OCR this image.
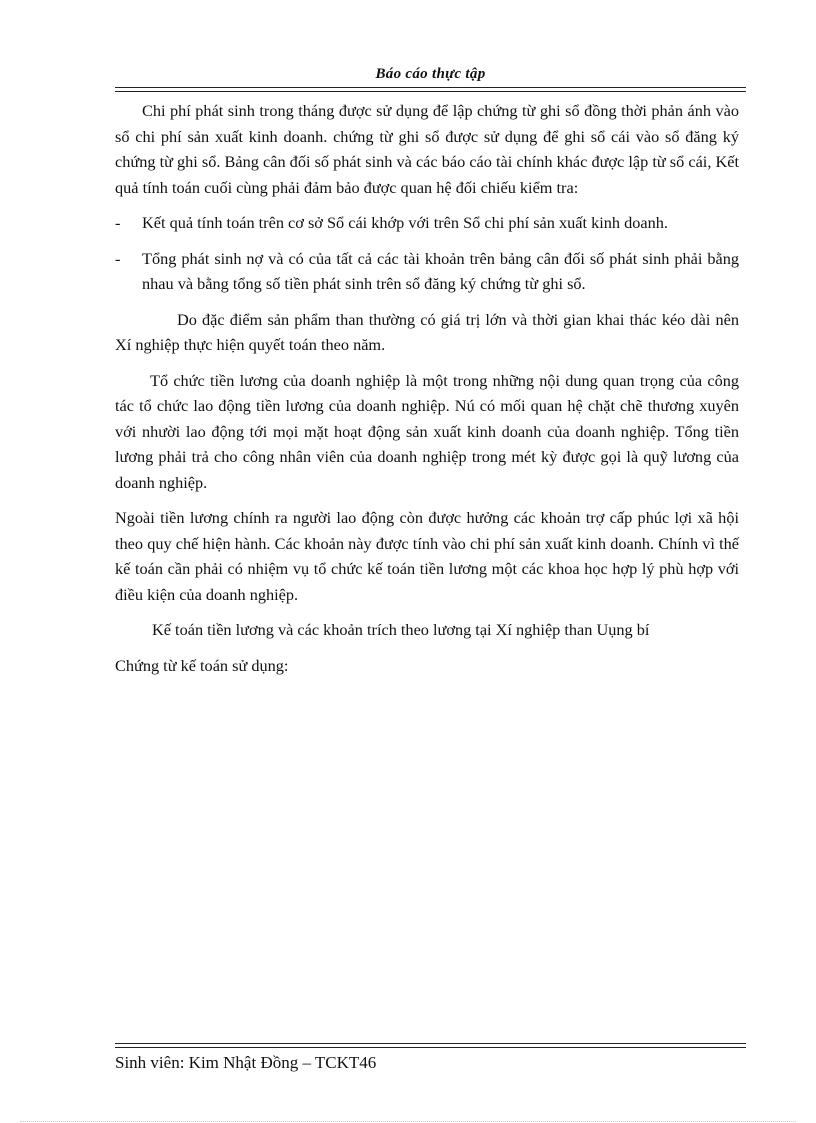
Báo cáo thực tập

Chi phí phát sinh trong tháng được sử dụng để lập chứng từ ghi sổ đồng thời phản ánh vào sổ chi phí sản xuất kinh doanh. chứng từ ghi sổ được sử dụng để ghi sổ cái vào sổ đăng ký chứng từ ghi sổ. Bảng cân đối số phát sinh và các báo cáo tài chính khác được lập từ sổ cái, Kết quả tính toán cuối cùng phải đảm bảo được quan hệ đối chiếu kiểm tra:

- Kết quả tính toán trên cơ sở Sổ cái khớp với trên Sổ chi phí sản xuất kinh doanh.
- Tổng phát sinh nợ và có của tất cả các tài khoản trên bảng cân đối số phát sinh phải bằng nhau và bằng tổng số tiền phát sinh trên sổ đăng ký chứng từ ghi sổ.

Do đặc điểm sản phẩm than thường có giá trị lớn và thời gian khai thác kéo dài nên Xí nghiệp thực hiện quyết toán theo năm.

Tổ chức tiền lương của doanh nghiệp là một trong những nội dung quan trọng của công tác tổ chức lao động tiền lương của doanh nghiệp. Nú có mối quan hệ chặt chẽ thương xuyên với nhười lao động tới mọi mặt hoạt động sản xuất kinh doanh của doanh nghiệp. Tổng tiền lương phải trả cho công nhân viên của doanh nghiệp trong mét kỳ được gọi là quỹ lương của doanh nghiệp.

Ngoài tiền lương chính ra người lao động còn được hưởng các khoản trợ cấp phúc lợi xã hội theo quy chế hiện hành. Các khoản này được tính vào chi phí sản xuất kinh doanh. Chính vì thế kế toán cần phải có nhiệm vụ tổ chức kế toán tiền lương một các khoa học hợp lý phù hợp với điều kiện của doanh nghiệp.

Kế toán tiền lương và các khoản trích theo lương tại Xí nghiệp than Uụng bí

Chứng từ kế toán sử dụng:

Sinh viên: Kim Nhật Đồng – TCKT46
